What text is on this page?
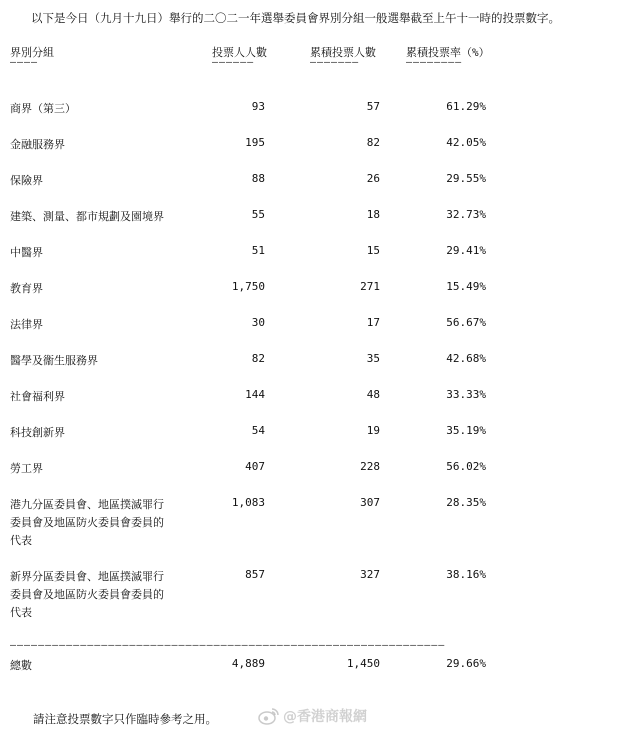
以下是今日（九月十九日）舉行的二〇二一年選舉委員會界別分組一般選舉截至上午十一時的投票數字。
界別分組	投票人人數	累積投票人數	累積投票率（%）
————	——————	———————	————————
商界（第三）	93	57	61.29%
金融服務界	195	82	42.05%
保險界	88	26	29.55%
建築、測量、都市規劃及園境界	55	18	32.73%
中醫界	51	15	29.41%
教育界	1,750	271	15.49%
法律界	30	17	56.67%
醫學及衞生服務界	82	35	42.68%
社會福利界	144	48	33.33%
科技創新界	54	19	35.19%
勞工界	407	228	56.02%
港九分區委員會、地區撲滅罪行
委員會及地區防火委員會委員的
代表
1,083	307	28.35%
新界分區委員會、地區撲滅罪行
委員會及地區防火委員會委員的
代表
857	327	38.16%
——————————————————————————————————————————————————————————————
總數	4,889	1,450	29.66%
請注意投票數字只作臨時參考之用。	@香港商報網
